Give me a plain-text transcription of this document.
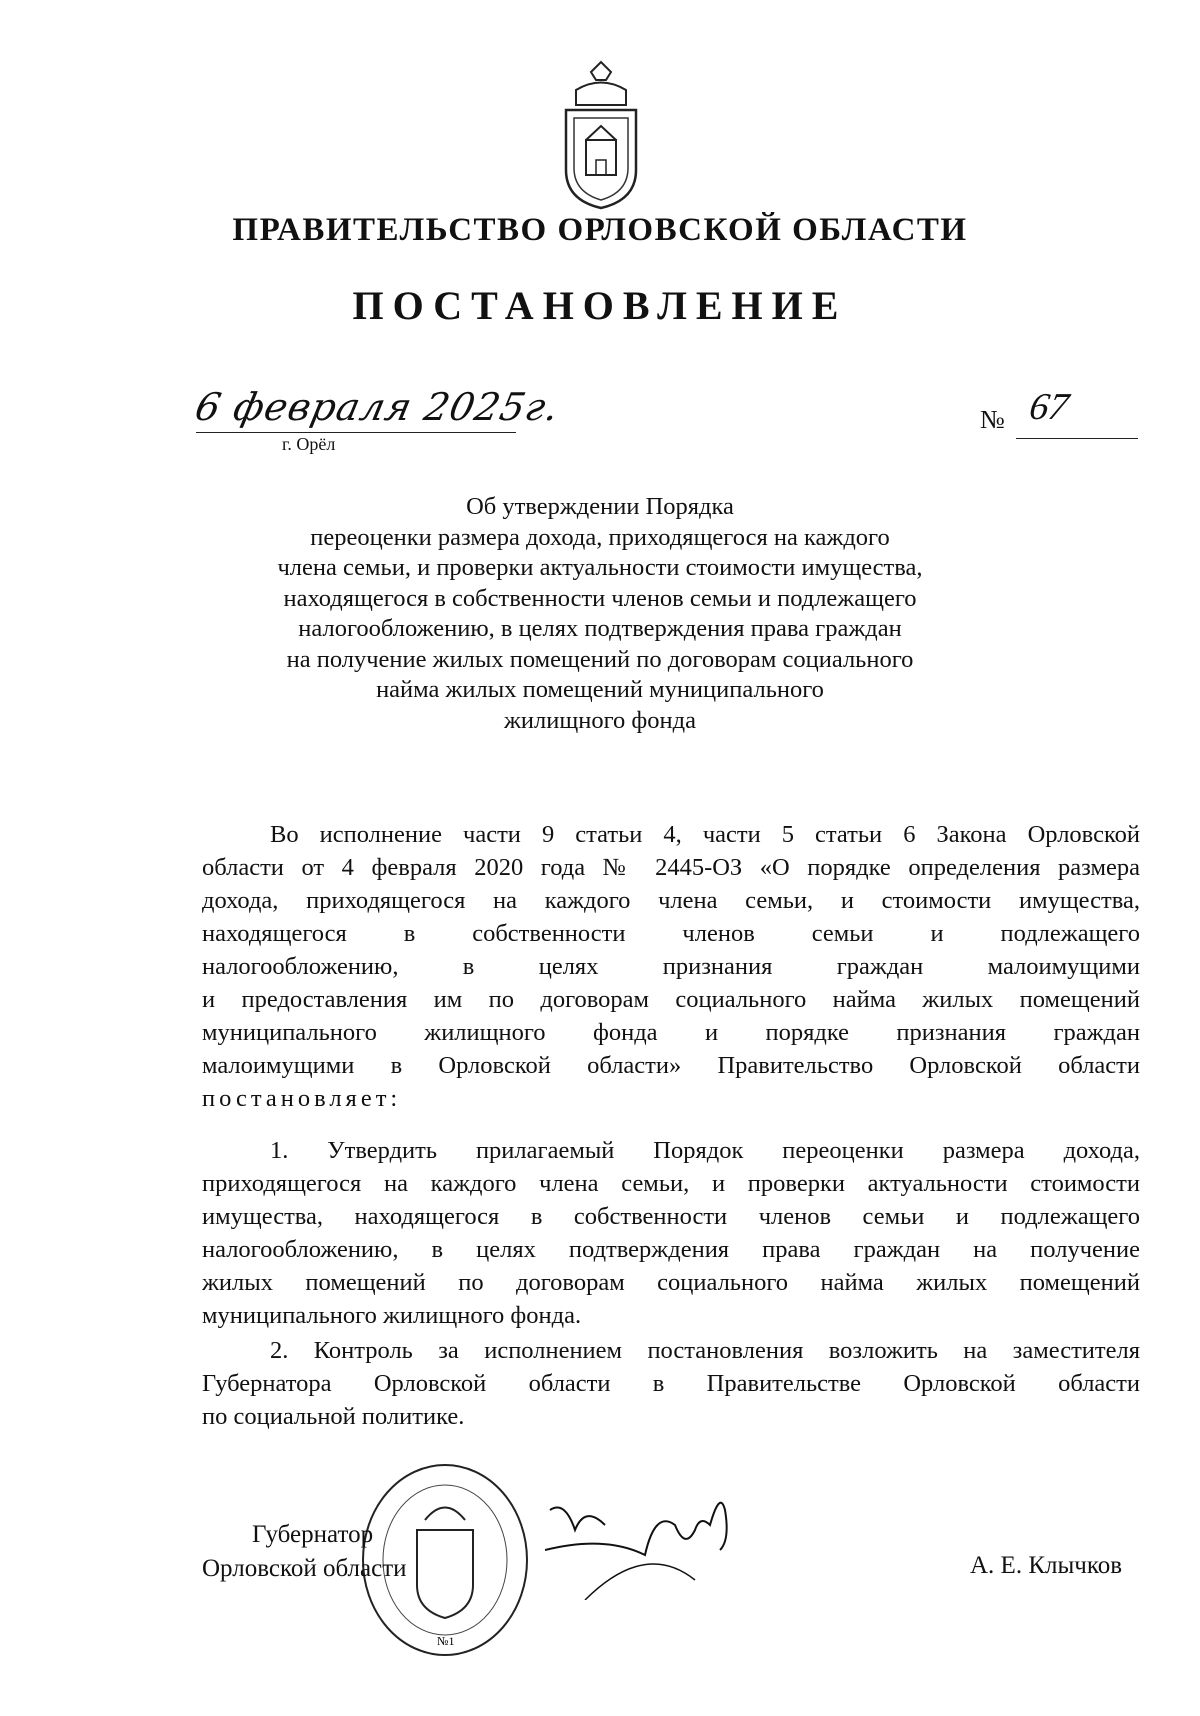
ПРАВИТЕЛЬСТВО ОРЛОВСКОЙ ОБЛАСТИ
ПОСТАНОВЛЕНИЕ
6 февраля 2025г.
г. Орёл
№ 67
Об утверждении Порядка
переоценки размера дохода, приходящегося на каждого
члена семьи, и проверки актуальности стоимости имущества,
находящегося в собственности членов семьи и подлежащего
налогообложению, в целях подтверждения права граждан
на получение жилых помещений по договорам социального
найма жилых помещений муниципального
жилищного фонда
Во исполнение части 9 статьи 4, части 5 статьи 6 Закона Орловской
области от 4 февраля 2020 года № 2445-ОЗ «О порядке определения размера
дохода, приходящегося на каждого члена семьи, и стоимости имущества,
находящегося в собственности членов семьи и подлежащего
налогообложению, в целях признания граждан малоимущими
и предоставления им по договорам социального найма жилых помещений
муниципального жилищного фонда и порядке признания граждан
малоимущими в Орловской области» Правительство Орловской области
постановляет:
1. Утвердить прилагаемый Порядок переоценки размера дохода,
приходящегося на каждого члена семьи, и проверки актуальности стоимости
имущества, находящегося в собственности членов семьи и подлежащего
налогообложению, в целях подтверждения права граждан на получение
жилых помещений по договорам социального найма жилых помещений
муниципального жилищного фонда.
2. Контроль за исполнением постановления возложить на заместителя
Губернатора Орловской области в Правительстве Орловской области
по социальной политике.
№1
Губернатор
Орловской области	А. Е. Клычков
